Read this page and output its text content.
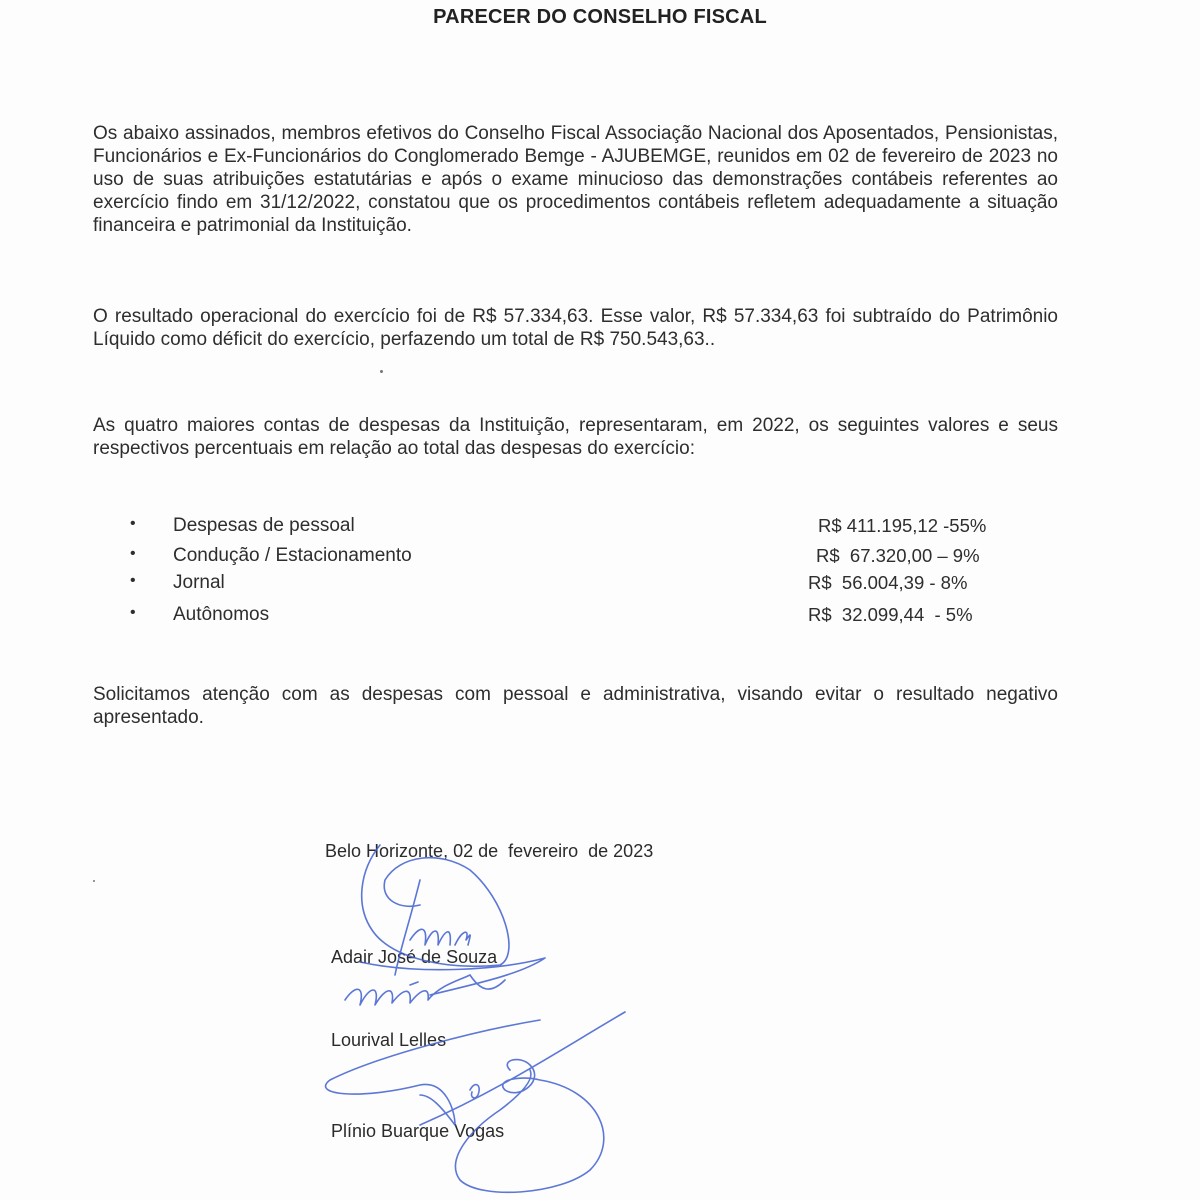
PARECER DO CONSELHO FISCAL
Os abaixo assinados, membros efetivos do Conselho Fiscal Associação Nacional dos Aposentados, Pensionistas, Funcionários e Ex-Funcionários do Conglomerado Bemge - AJUBEMGE, reunidos em 02 de fevereiro de 2023 no uso de suas atribuições estatutárias e após o exame minucioso das demonstrações contábeis referentes ao exercício findo em 31/12/2022, constatou que os procedimentos contábeis refletem adequadamente a situação financeira e patrimonial da Instituição.
O resultado operacional do exercício foi de R$ 57.334,63. Esse valor, R$ 57.334,63 foi subtraído do Patrimônio Líquido como déficit do exercício, perfazendo um total de R$ 750.543,63..
As quatro maiores contas de despesas da Instituição, representaram, em 2022, os seguintes valores e seus respectivos percentuais em relação ao total das despesas do exercício:
• Despesas de pessoal	R$ 411.195,12 -55%
• Condução / Estacionamento	R$  67.320,00 – 9%
• Jornal	R$  56.004,39 - 8%
• Autônomos	R$  32.099,44  - 5%
Solicitamos atenção com as despesas com pessoal e administrativa, visando evitar o resultado negativo apresentado.
Belo Horizonte, 02 de  fevereiro  de 2023
Adair José de Souza
Lourival Lelles
Plínio Buarque Vogas
